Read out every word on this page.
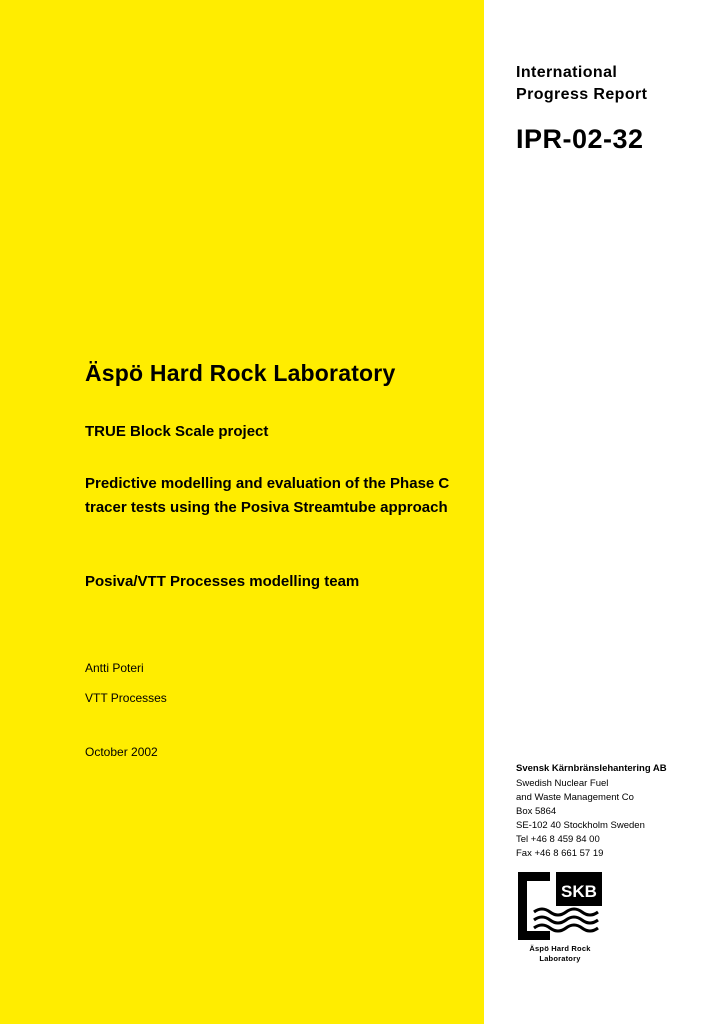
International
Progress Report
IPR-02-32
Äspö Hard Rock Laboratory
TRUE Block Scale project
Predictive modelling and evaluation of the Phase C tracer tests using the Posiva Streamtube approach
Posiva/VTT Processes modelling team
Antti Poteri
VTT Processes
October 2002
Svensk Kärnbränslehantering AB
Swedish Nuclear Fuel
and Waste Management Co
Box 5864
SE-102 40 Stockholm Sweden
Tel +46 8 459 84 00
Fax +46 8 661 57 19
SKB
Äspö Hard Rock
Laboratory
